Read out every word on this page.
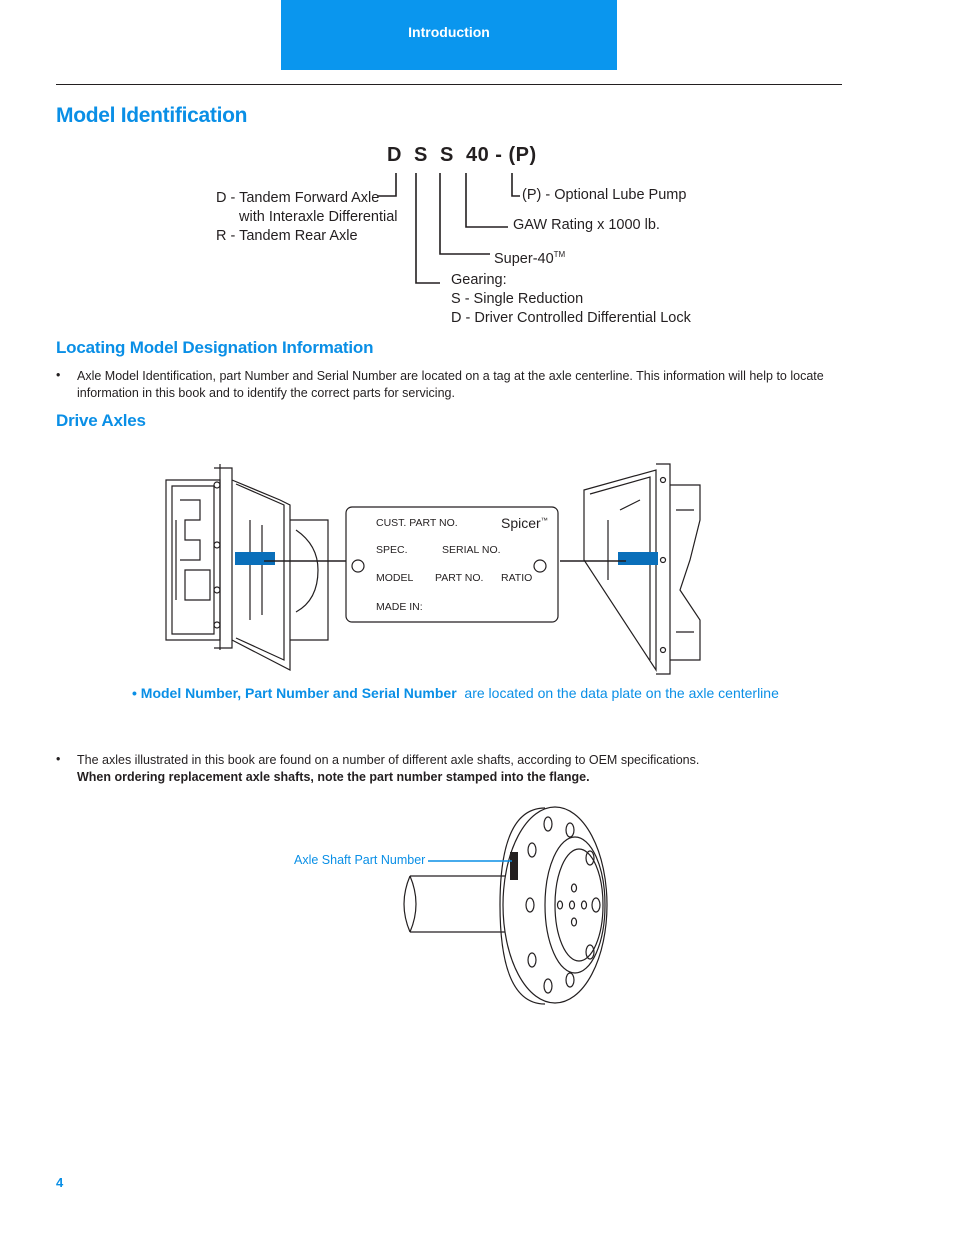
Introduction
Model Identification
D  S  S  40 - (P)
D - Tandem Forward Axle
with Interaxle Differential
R - Tandem Rear Axle
(P) - Optional Lube Pump
GAW Rating x 1000 lb.
Super-40™
Gearing:
S - Single Reduction
D - Driver Controlled Differential Lock
Locating Model Designation Information
• Axle Model Identification, part Number and Serial Number are located on a tag at the axle centerline. This information will help to locate
information in this book and to identify the correct parts for servicing.
Drive Axles
CUST. PART NO.	Spicer™
SPEC.	SERIAL NO.
MODEL PART NO. RATIO
MADE IN:
• Model Number, Part Number and Serial Number are located on the data plate on the axle centerline
• The axles illustrated in this book are found on a number of different axle shafts, according to OEM specifications.
When ordering replacement axle shafts, note the part number stamped into the flange.
Axle Shaft Part Number
4
